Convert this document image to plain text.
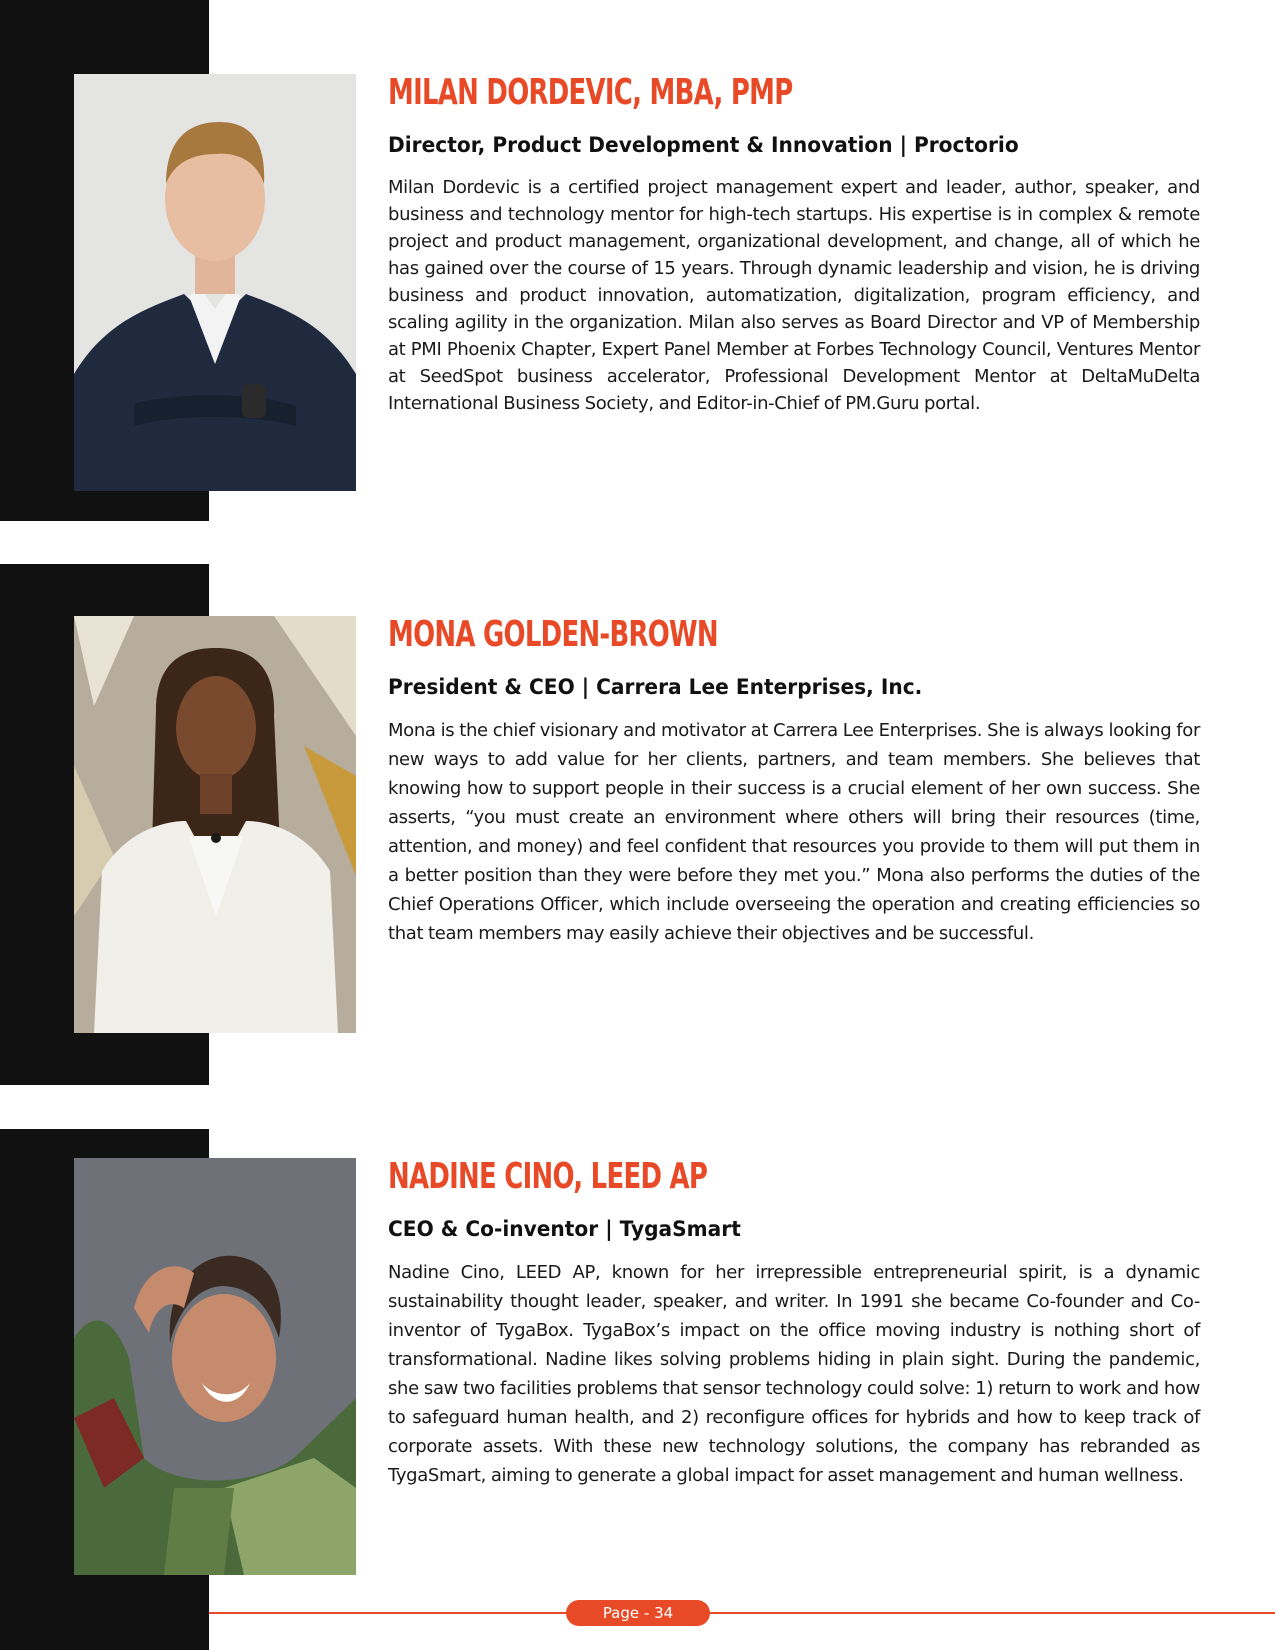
MILAN DORDEVIC, MBA, PMP
Director, Product Development & Innovation | Proctorio

Milan Dordevic is a certified project management expert and leader, author, speaker, and business and technology mentor for high-tech startups. His expertise is in complex & remote project and product management, organizational development, and change, all of which he has gained over the course of 15 years. Through dynamic leadership and vision, he is driving business and product innovation, automatization, digitalization, program efficiency, and scaling agility in the organization. Milan also serves as Board Director and VP of Membership at PMI Phoenix Chapter, Expert Panel Member at Forbes Technology Council, Ventures Mentor at SeedSpot business accelerator, Professional Development Mentor at DeltaMuDelta International Business Society, and Editor-in-Chief of PM.Guru portal.

MONA GOLDEN-BROWN
President & CEO | Carrera Lee Enterprises, Inc.

Mona is the chief visionary and motivator at Carrera Lee Enterprises. She is always looking for new ways to add value for her clients, partners, and team members. She believes that knowing how to support people in their success is a crucial element of her own success. She asserts, “you must create an environment where others will bring their resources (time, attention, and money) and feel confident that resources you provide to them will put them in a better position than they were before they met you.” Mona also performs the duties of the Chief Operations Officer, which include overseeing the operation and creating efficiencies so that team members may easily achieve their objectives and be successful.

NADINE CINO, LEED AP
CEO & Co-inventor | TygaSmart

Nadine Cino, LEED AP, known for her irrepressible entrepreneurial spirit, is a dynamic sustainability thought leader, speaker, and writer. In 1991 she became Co-founder and Co-inventor of TygaBox. TygaBox’s impact on the office moving industry is nothing short of transformational. Nadine likes solving problems hiding in plain sight. During the pandemic, she saw two facilities problems that sensor technology could solve: 1) return to work and how to safeguard human health, and 2) reconfigure offices for hybrids and how to keep track of corporate assets. With these new technology solutions, the company has rebranded as TygaSmart, aiming to generate a global impact for asset management and human wellness.

Page - 34
